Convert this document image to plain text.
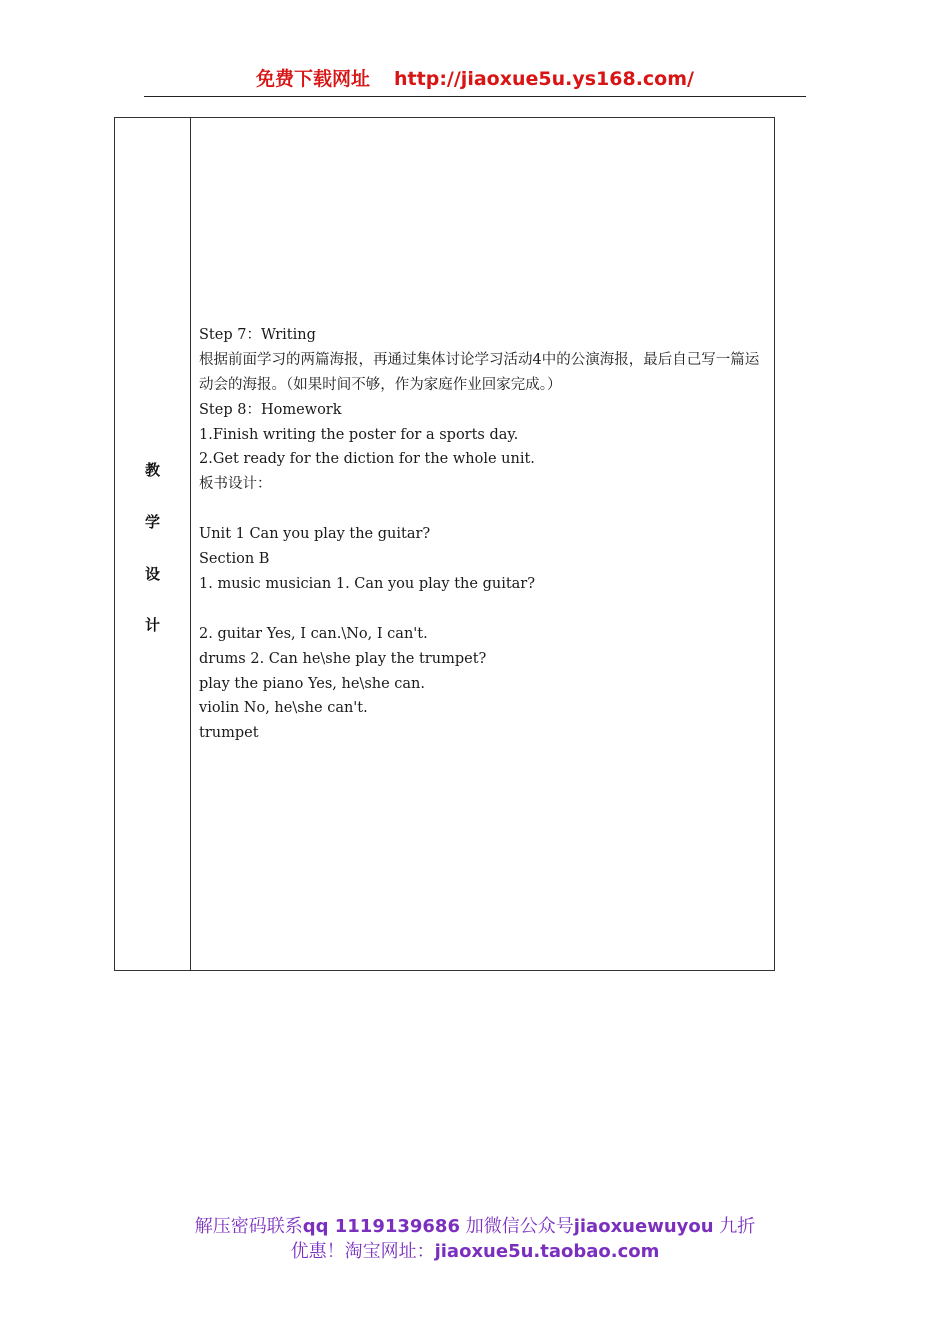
免费下载网址 http://jiaoxue5u.ys168.com/
教
学
设
计
Step 7：Writing
根据前面学习的两篇海报，再通过集体讨论学习活动4中的公演海报，最后自己写一篇运动会的海报。（如果时间不够，作为家庭作业回家完成。）
Step 8：Homework
1.Finish writing the poster for a sports day.
2.Get ready for the diction for the whole unit.
板书设计：
Unit 1 Can you play the guitar?
Section B
1. music musician 1. Can you play the guitar?
2. guitar Yes, I can.\No, I can't.
drums 2. Can he\she play the trumpet?
play the piano Yes, he\she can.
violin No, he\she can't.
trumpet
解压密码联系qq 1119139686 加微信公众号jiaoxuewuyou 九折
优惠！淘宝网址：jiaoxue5u.taobao.com
